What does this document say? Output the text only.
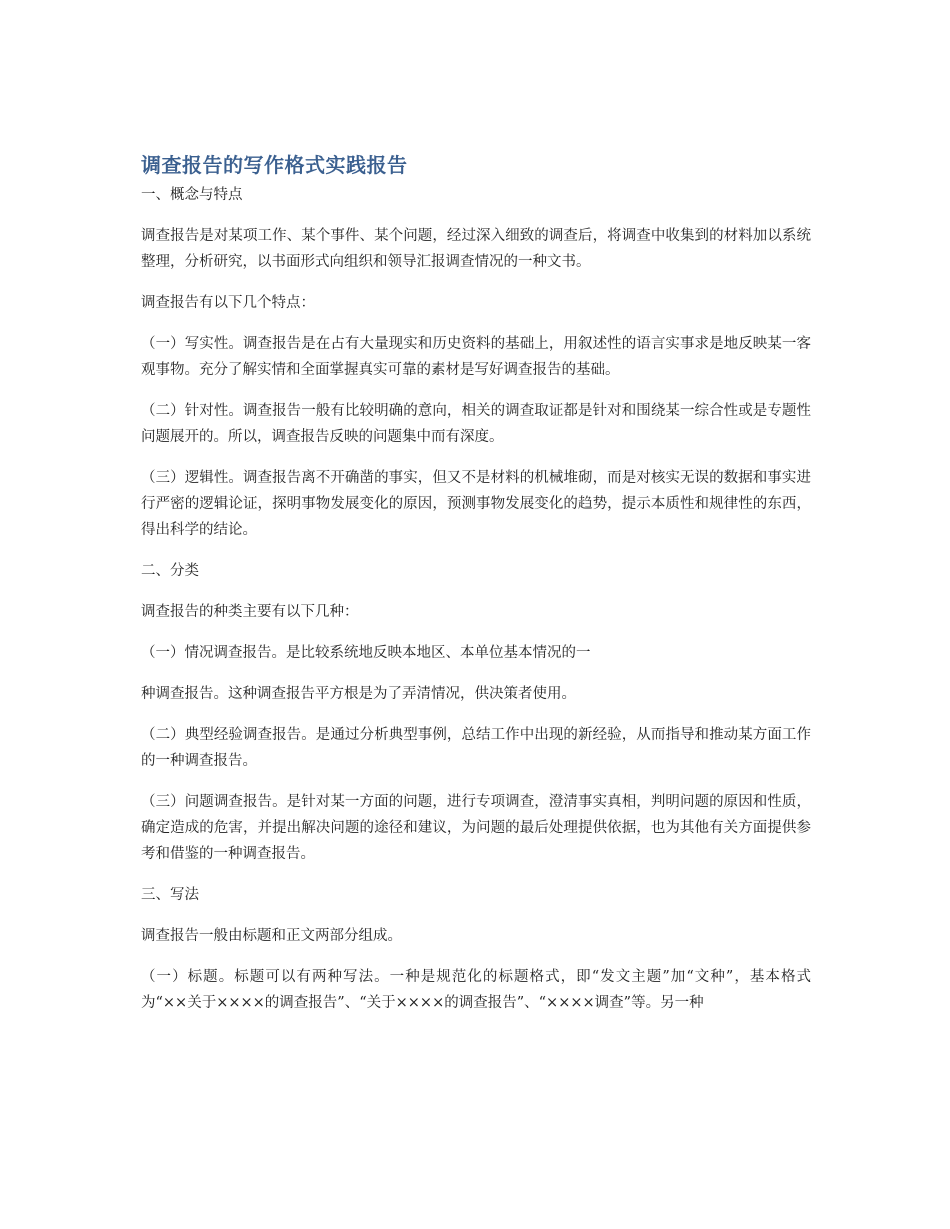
调查报告的写作格式实践报告

一、概念与特点

调查报告是对某项工作、某个事件、某个问题，经过深入细致的调查后，将调查中收集到的材料加以系统整理，分析研究，以书面形式向组织和领导汇报调查情况的一种文书。

调查报告有以下几个特点：

（一）写实性。调查报告是在占有大量现实和历史资料的基础上，用叙述性的语言实事求是地反映某一客观事物。充分了解实情和全面掌握真实可靠的素材是写好调查报告的基础。

（二）针对性。调查报告一般有比较明确的意向，相关的调查取证都是针对和围绕某一综合性或是专题性问题展开的。所以，调查报告反映的问题集中而有深度。

（三）逻辑性。调查报告离不开确凿的事实，但又不是材料的机械堆砌，而是对核实无误的数据和事实进行严密的逻辑论证，探明事物发展变化的原因，预测事物发展变化的趋势，提示本质性和规律性的东西，得出科学的结论。

二、分类

调查报告的种类主要有以下几种：

（一）情况调查报告。是比较系统地反映本地区、本单位基本情况的一

种调查报告。这种调查报告平方根是为了弄清情况，供决策者使用。

（二）典型经验调查报告。是通过分析典型事例，总结工作中出现的新经验，从而指导和推动某方面工作的一种调查报告。

（三）问题调查报告。是针对某一方面的问题，进行专项调查，澄清事实真相，判明问题的原因和性质，确定造成的危害，并提出解决问题的途径和建议，为问题的最后处理提供依据，也为其他有关方面提供参考和借鉴的一种调查报告。

三、写法

调查报告一般由标题和正文两部分组成。

（一）标题。标题可以有两种写法。一种是规范化的标题格式，即“发文主题”加“文种”，基本格式为“××关于××××的调查报告”、“关于××××的调查报告”、“××××调查”等。另一种
